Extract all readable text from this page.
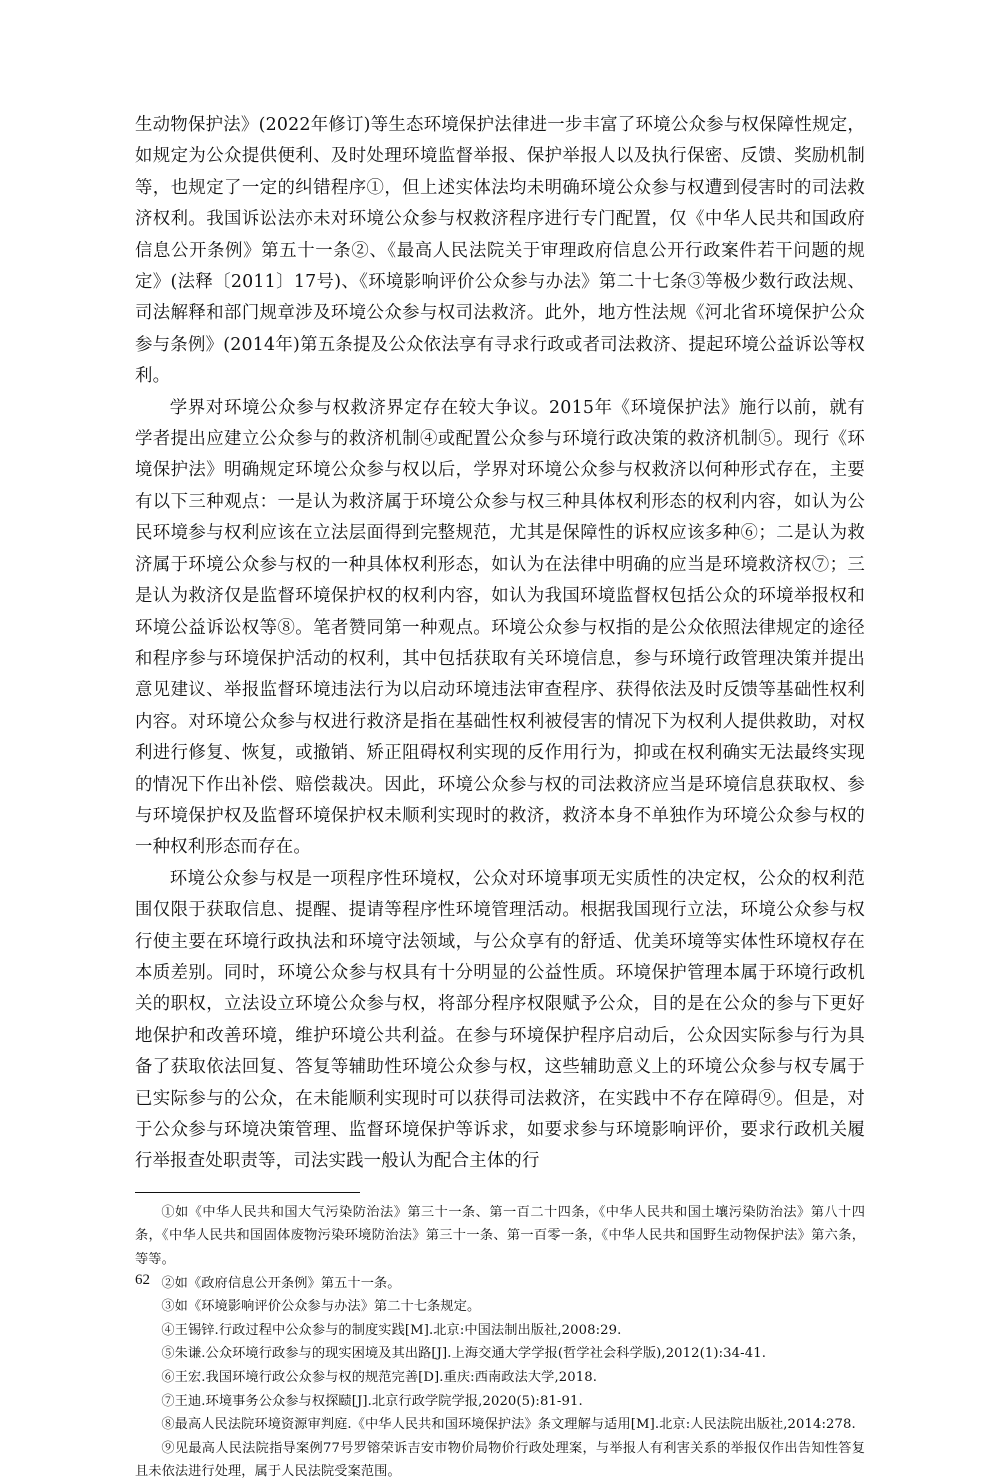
生动物保护法》(2022年修订)等生态环境保护法律进一步丰富了环境公众参与权保障性规定，如规定为公众提供便利、及时处理环境监督举报、保护举报人以及执行保密、反馈、奖励机制等，也规定了一定的纠错程序①，但上述实体法均未明确环境公众参与权遭到侵害时的司法救济权利。我国诉讼法亦未对环境公众参与权救济程序进行专门配置，仅《中华人民共和国政府信息公开条例》第五十一条②、《最高人民法院关于审理政府信息公开行政案件若干问题的规定》(法释〔2011〕17号)、《环境影响评价公众参与办法》第二十七条③等极少数行政法规、司法解释和部门规章涉及环境公众参与权司法救济。此外，地方性法规《河北省环境保护公众参与条例》(2014年)第五条提及公众依法享有寻求行政或者司法救济、提起环境公益诉讼等权利。

学界对环境公众参与权救济界定存在较大争议。2015年《环境保护法》施行以前，就有学者提出应建立公众参与的救济机制④或配置公众参与环境行政决策的救济机制⑤。现行《环境保护法》明确规定环境公众参与权以后，学界对环境公众参与权救济以何种形式存在，主要有以下三种观点：一是认为救济属于环境公众参与权三种具体权利形态的权利内容，如认为公民环境参与权利应该在立法层面得到完整规范，尤其是保障性的诉权应该多种⑥；二是认为救济属于环境公众参与权的一种具体权利形态，如认为在法律中明确的应当是环境救济权⑦；三是认为救济仅是监督环境保护权的权利内容，如认为我国环境监督权包括公众的环境举报权和环境公益诉讼权等⑧。笔者赞同第一种观点。环境公众参与权指的是公众依照法律规定的途径和程序参与环境保护活动的权利，其中包括获取有关环境信息，参与环境行政管理决策并提出意见建议、举报监督环境违法行为以启动环境违法审查程序、获得依法及时反馈等基础性权利内容。对环境公众参与权进行救济是指在基础性权利被侵害的情况下为权利人提供救助，对权利进行修复、恢复，或撤销、矫正阻碍权利实现的反作用行为，抑或在权利确实无法最终实现的情况下作出补偿、赔偿裁决。因此，环境公众参与权的司法救济应当是环境信息获取权、参与环境保护权及监督环境保护权未顺利实现时的救济，救济本身不单独作为环境公众参与权的一种权利形态而存在。

环境公众参与权是一项程序性环境权，公众对环境事项无实质性的决定权，公众的权利范围仅限于获取信息、提醒、提请等程序性环境管理活动。根据我国现行立法，环境公众参与权行使主要在环境行政执法和环境守法领域，与公众享有的舒适、优美环境等实体性环境权存在本质差别。同时，环境公众参与权具有十分明显的公益性质。环境保护管理本属于环境行政机关的职权，立法设立环境公众参与权，将部分程序权限赋予公众，目的是在公众的参与下更好地保护和改善环境，维护环境公共利益。在参与环境保护程序启动后，公众因实际参与行为具备了获取依法回复、答复等辅助性环境公众参与权，这些辅助意义上的环境公众参与权专属于已实际参与的公众，在未能顺利实现时可以获得司法救济，在实践中不存在障碍⑨。但是，对于公众参与环境决策管理、监督环境保护等诉求，如要求参与环境影响评价，要求行政机关履行举报查处职责等，司法实践一般认为配合主体的行

①如《中华人民共和国大气污染防治法》第三十一条、第一百二十四条，《中华人民共和国土壤污染防治法》第八十四条，《中华人民共和国固体废物污染环境防治法》第三十一条、第一百零一条，《中华人民共和国野生动物保护法》第六条，等等。

②如《政府信息公开条例》第五十一条。

③如《环境影响评价公众参与办法》第二十七条规定。

④王锡锌.行政过程中公众参与的制度实践[M].北京:中国法制出版社,2008:29.

⑤朱谦.公众环境行政参与的现实困境及其出路[J].上海交通大学学报(哲学社会科学版),2012(1):34-41.

⑥王宏.我国环境行政公众参与权的规范完善[D].重庆:西南政法大学,2018.

⑦王迪.环境事务公众参与权探赜[J].北京行政学院学报,2020(5):81-91.

⑧最高人民法院环境资源审判庭.《中华人民共和国环境保护法》条文理解与适用[M].北京:人民法院出版社,2014:278.

⑨见最高人民法院指导案例77号罗镕荣诉吉安市物价局物价行政处理案，与举报人有利害关系的举报仅作出告知性答复且未依法进行处理，属于人民法院受案范围。

62
